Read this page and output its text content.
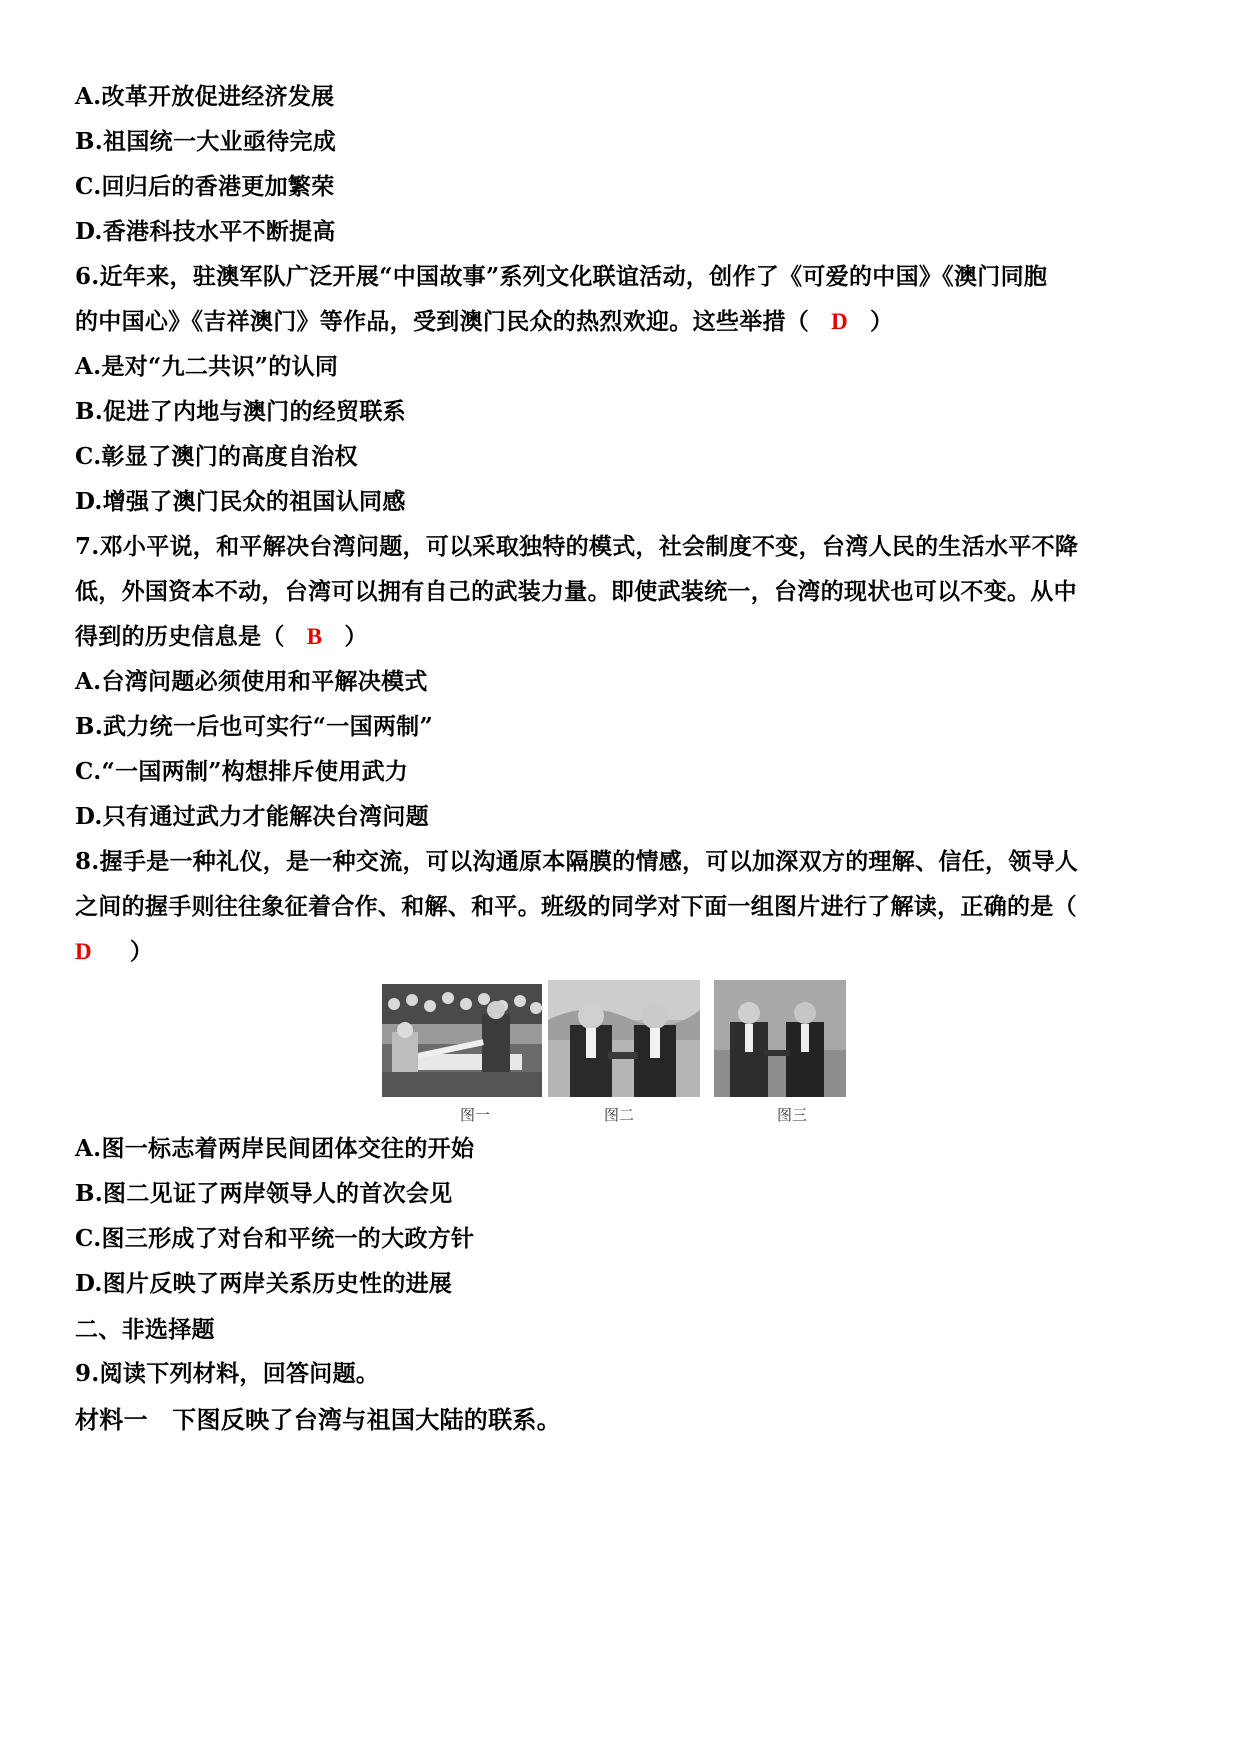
A.改革开放促进经济发展
B.祖国统一大业亟待完成
C.回归后的香港更加繁荣
D.香港科技水平不断提高
6.近年来，驻澳军队广泛开展“中国故事”系列文化联谊活动，创作了《可爱的中国》《澳门同胞
的中国心》《吉祥澳门》等作品，受到澳门民众的热烈欢迎。这些举措（ D ）
A.是对“九二共识”的认同
B.促进了内地与澳门的经贸联系
C.彰显了澳门的高度自治权
D.增强了澳门民众的祖国认同感
7.邓小平说，和平解决台湾问题，可以采取独特的模式，社会制度不变，台湾人民的生活水平不降
低，外国资本不动，台湾可以拥有自己的武装力量。即使武装统一，台湾的现状也可以不变。从中
得到的历史信息是（ B ）
A.台湾问题必须使用和平解决模式
B.武力统一后也可实行“一国两制”
C.“一国两制”构想排斥使用武力
D.只有通过武力才能解决台湾问题
8.握手是一种礼仪，是一种交流，可以沟通原本隔膜的情感，可以加深双方的理解、信任，领导人
之间的握手则往往象征着合作、和解、和平。班级的同学对下面一组图片进行了解读，正确的是（
D ）
图一	图二	图三
A.图一标志着两岸民间团体交往的开始
B.图二见证了两岸领导人的首次会见
C.图三形成了对台和平统一的大政方针
D.图片反映了两岸关系历史性的进展
二、非选择题
9.阅读下列材料，回答问题。
材料一　下图反映了台湾与祖国大陆的联系。
